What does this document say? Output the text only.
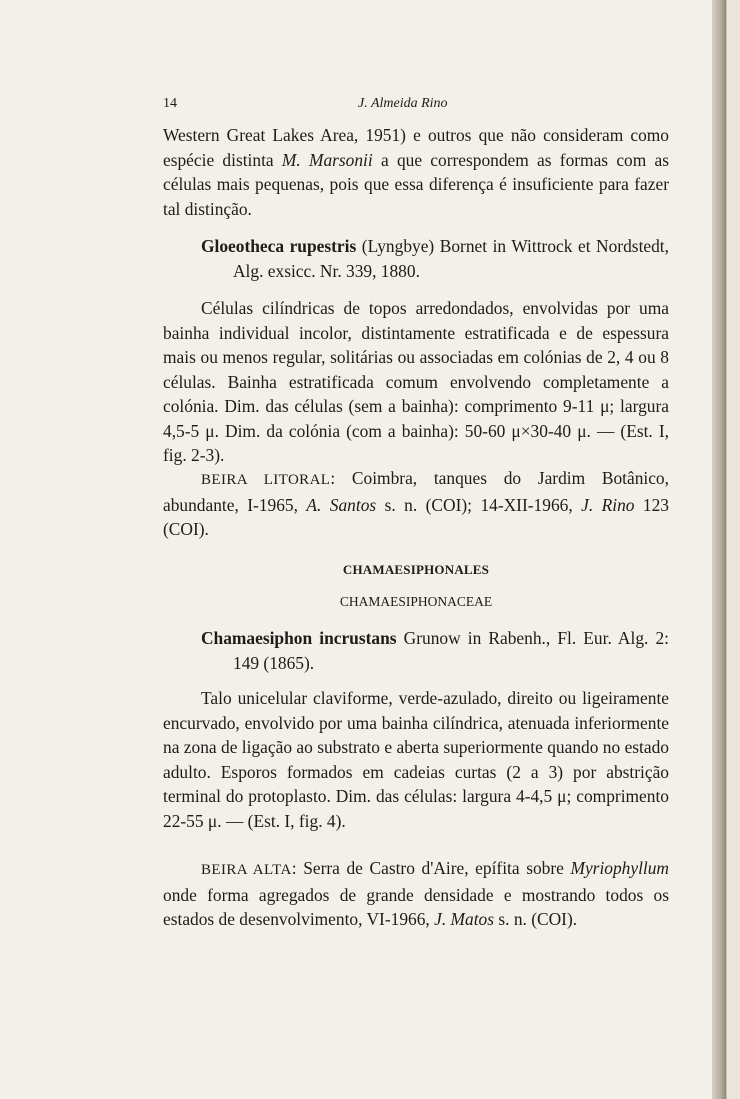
14	J. Almeida Rino

Western Great Lakes Area, 1951) e outros que não consideram como espécie distinta M. Marsonii a que correspondem as formas com as células mais pequenas, pois que essa diferença é insuficiente para fazer tal distinção.

Gloeotheca rupestris (Lyngbye) Bornet in Wittrock et Nordstedt, Alg. exsicc. Nr. 339, 1880.

Células cilíndricas de topos arredondados, envolvidas por uma bainha individual incolor, distintamente estratificada e de espessura mais ou menos regular, solitárias ou associadas em colónias de 2, 4 ou 8 células. Bainha estratificada comum envolvendo completamente a colónia. Dim. das células (sem a bainha): comprimento 9-11 μ; largura 4,5-5 μ. Dim. da colónia (com a bainha): 50-60 μ×30-40 μ. — (Est. I, fig. 2-3).

BEIRA LITORAL: Coimbra, tanques do Jardim Botânico, abundante, I-1965, A. Santos s. n. (COI); 14-XII-1966, J. Rino 123 (COI).

CHAMAESIPHONALES
CHAMAESIPHONACEAE

Chamaesiphon incrustans Grunow in Rabenh., Fl. Eur. Alg. 2: 149 (1865).

Talo unicelular claviforme, verde-azulado, direito ou ligeiramente encurvado, envolvido por uma bainha cilíndrica, atenuada inferiormente na zona de ligação ao substrato e aberta superiormente quando no estado adulto. Esporos formados em cadeias curtas (2 a 3) por abstrição terminal do protoplasto. Dim. das células: largura 4-4,5 μ; comprimento 22-55 μ. — (Est. I, fig. 4).

BEIRA ALTA: Serra de Castro d'Aire, epífita sobre Myriophyllum onde forma agregados de grande densidade e mostrando todos os estados de desenvolvimento, VI-1966, J. Matos s. n. (COI).
